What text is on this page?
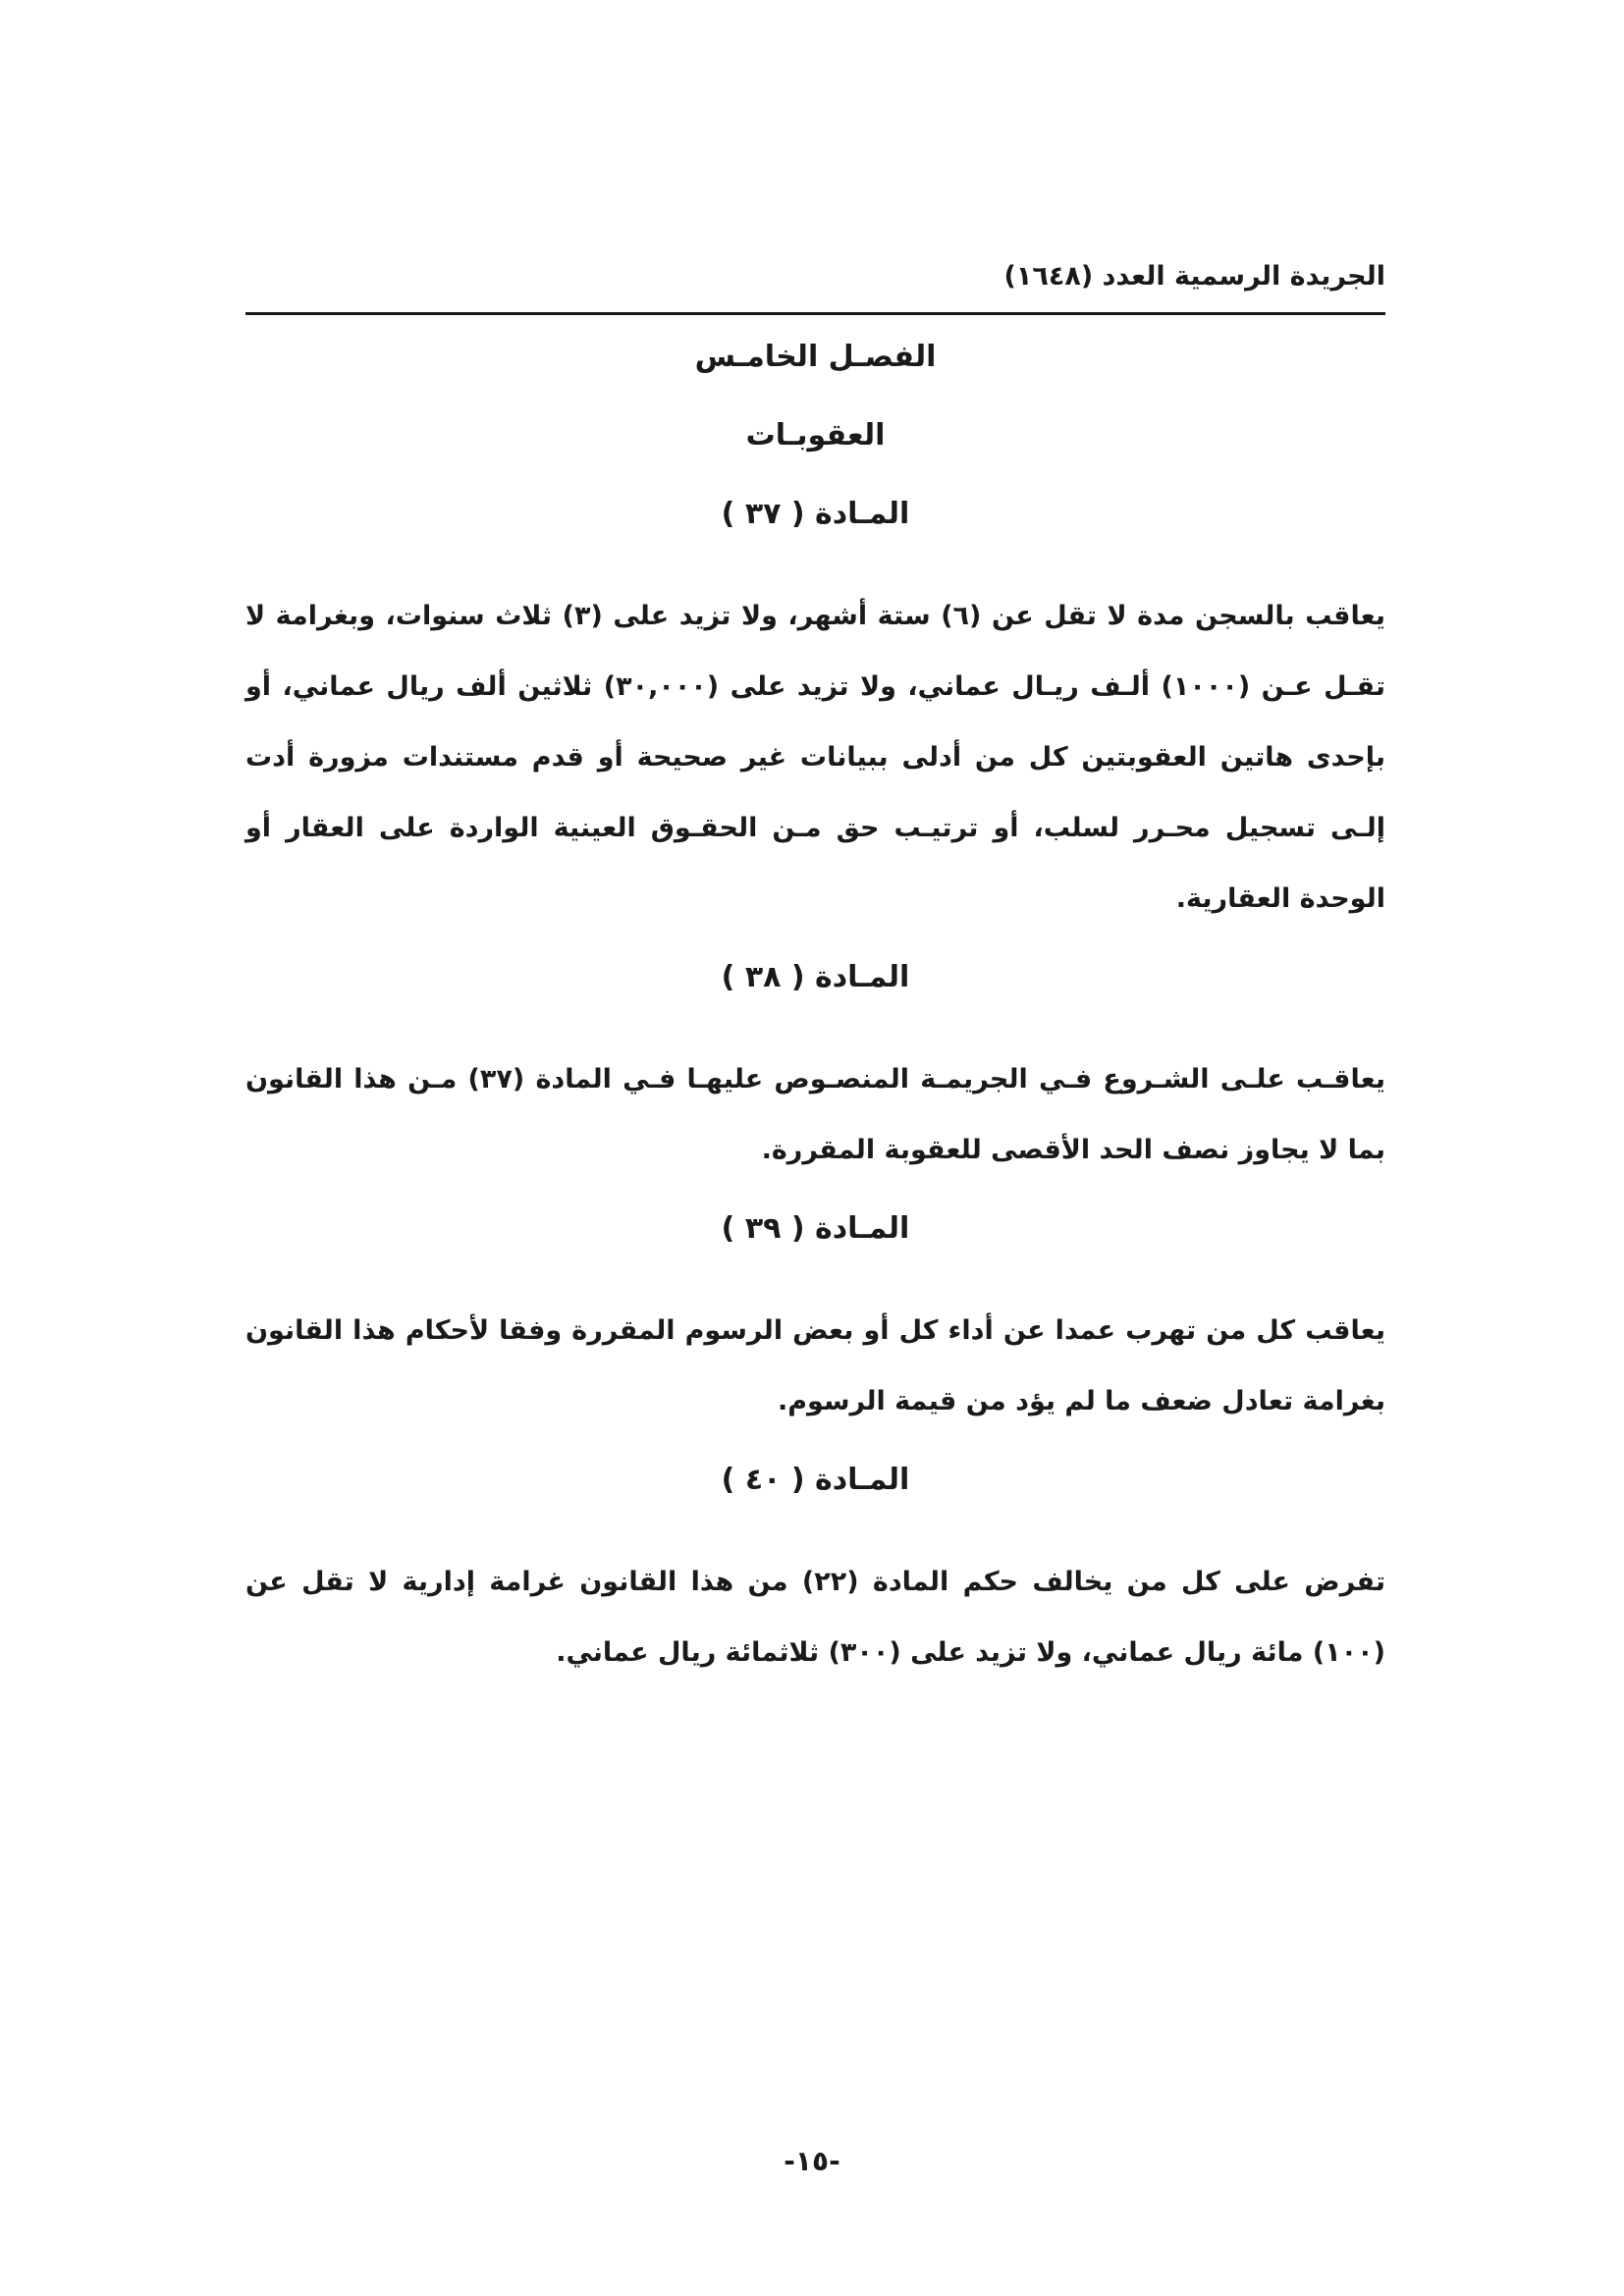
الجريدة الرسمية العدد (١٦٤٨)
الفصـل الخامـس
العقوبـات
المـادة ( ٣٧ )

يعاقب بالسجن مدة لا تقل عن (٦) ستة أشهر، ولا تزيد على (٣) ثلاث سنوات، وبغرامة لا تقـل عـن (١٠٠٠) ألـف ريـال عماني، ولا تزيد على (٣٠,٠٠٠) ثلاثين ألف ريال عماني، أو بإحدى هاتين العقوبتين كل من أدلى ببيانات غير صحيحة أو قدم مستندات مزورة أدت إلـى تسجيل محـرر لسلب، أو ترتيـب حق مـن الحقـوق العينية الواردة على العقار أو الوحدة العقارية.

المـادة ( ٣٨ )

يعاقـب علـى الشـروع فـي الجريمـة المنصـوص عليهـا فـي المادة (٣٧) مـن هذا القانون بما لا يجاوز نصف الحد الأقصى للعقوبة المقررة.

المـادة ( ٣٩ )

يعاقب كل من تهرب عمدا عن أداء كل أو بعض الرسوم المقررة وفقا لأحكام هذا القانون بغرامة تعادل ضعف ما لم يؤد من قيمة الرسوم.

المـادة ( ٤٠ )

تفرض على كل من يخالف حكم المادة (٢٢) من هذا القانون غرامة إدارية لا تقل عن (١٠٠) مائة ريال عماني، ولا تزيد على (٣٠٠) ثلاثمائة ريال عماني.

-١٥-
